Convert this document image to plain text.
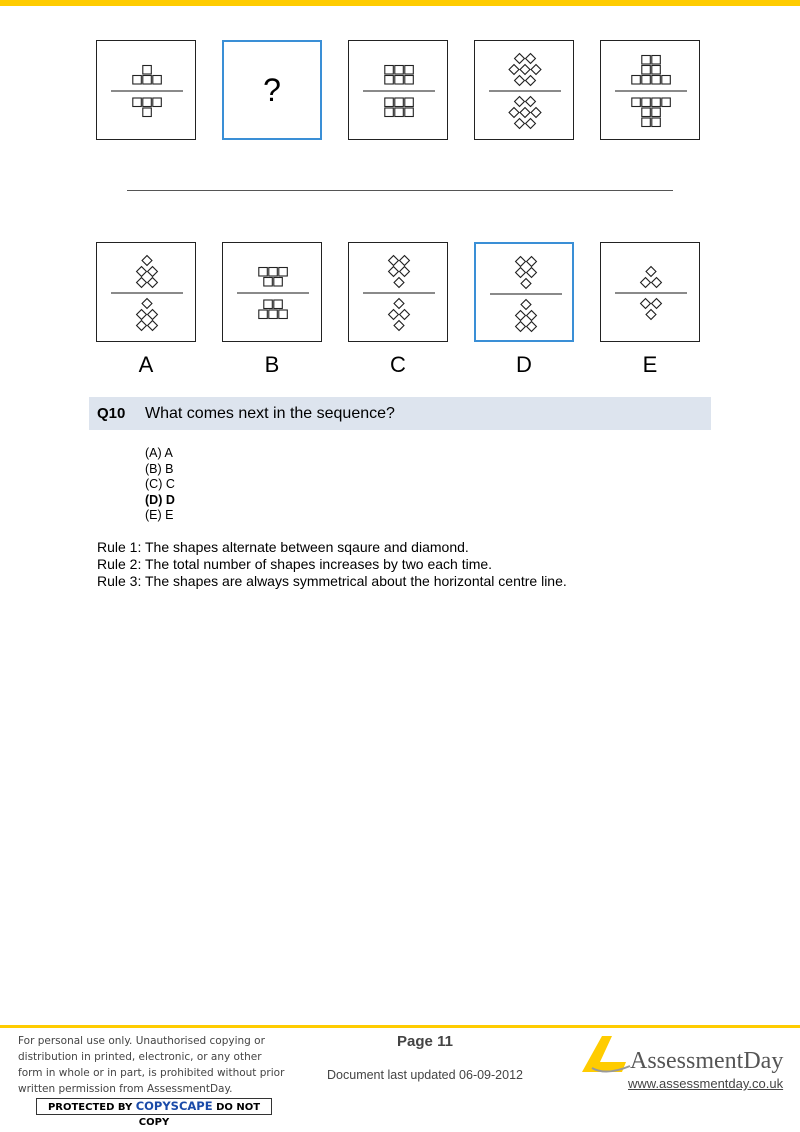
?
A	B	C	D	E
Q10 What comes next in the sequence?
(A) A
(B) B
(C) C
(D) D
(E) E
Rule 1: The shapes alternate between sqaure and diamond.
Rule 2: The total number of shapes increases by two each time.
Rule 3: The shapes are always symmetrical about the horizontal centre line.
For personal use only. Unauthorised copying or distribution in printed, electronic, or any other form in whole or in part, is prohibited without prior written permission from AssessmentDay.
PROTECTED BY COPYSCAPE DO NOT COPY
Page 11
Document last updated 06-09-2012
AssessmentDay
www.assessmentday.co.uk
